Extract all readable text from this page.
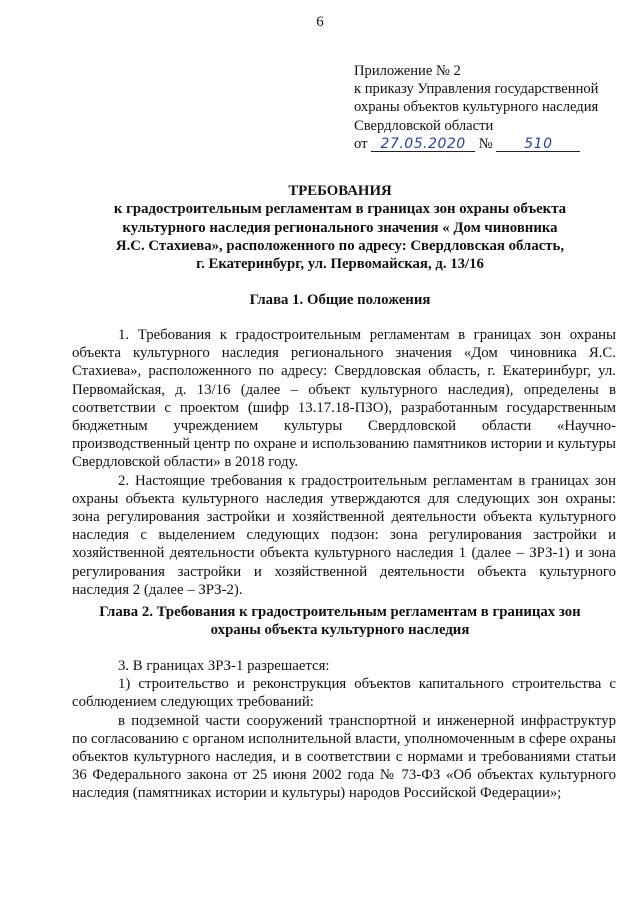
6
Приложение № 2
к приказу Управления государственной
охраны объектов культурного наследия
Свердловской области
от 27.05.2020 № 510
ТРЕБОВАНИЯ
к градостроительным регламентам в границах зон охраны объекта
культурного наследия регионального значения « Дом чиновника
Я.С. Стахиева», расположенного по адресу: Свердловская область,
г. Екатеринбург, ул. Первомайская, д. 13/16
Глава 1. Общие положения

1. Требования к градостроительным регламентам в границах зон охраны объекта культурного наследия регионального значения «Дом чиновника Я.С. Стахиева», расположенного по адресу: Свердловская область, г. Екатеринбург, ул. Первомайская, д. 13/16 (далее – объект культурного наследия), определены в соответствии с проектом (шифр 13.17.18-ПЗО), разработанным государственным бюджетным учреждением культуры Свердловской области «Научно-производственный центр по охране и использованию памятников истории и культуры Свердловской области» в 2018 году.

2. Настоящие требования к градостроительным регламентам в границах зон охраны объекта культурного наследия утверждаются для следующих зон охраны: зона регулирования застройки и хозяйственной деятельности объекта культурного наследия с выделением следующих подзон: зона регулирования застройки и хозяйственной деятельности объекта культурного наследия 1 (далее – ЗРЗ-1) и зона регулирования застройки и хозяйственной деятельности объекта культурного наследия 2 (далее – ЗРЗ-2).

Глава 2. Требования к градостроительным регламентам в границах зон
охраны объекта культурного наследия

3. В границах ЗРЗ-1 разрешается:

1) строительство и реконструкция объектов капитального строительства с соблюдением следующих требований:

в подземной части сооружений транспортной и инженерной инфраструктур по согласованию с органом исполнительной власти, уполномоченным в сфере охраны объектов культурного наследия, и в соответствии с нормами и требованиями статьи 36 Федерального закона от 25 июня 2002 года № 73-ФЗ «Об объектах культурного наследия (памятниках истории и культуры) народов Российской Федерации»;
